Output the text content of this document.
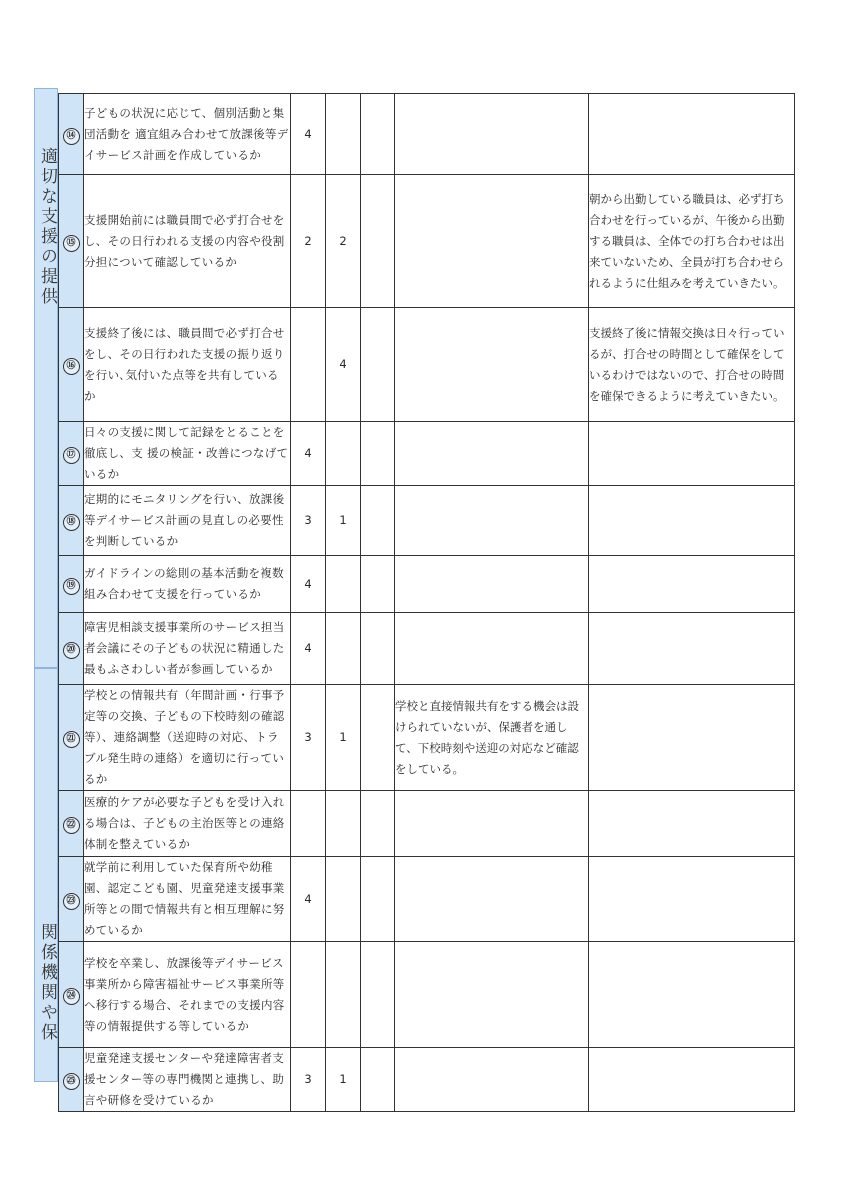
適切な支援の提供
関係機関や保
⑭	子どもの状況に応じて、個別活動と集団活動を 適宜組み合わせて放課後等デイサービス計画を作成しているか	4			

⑮	支援開始前には職員間で必ず打合せをし、その日行われる支援の内容や役割分担について確認しているか	2	2			朝から出勤している職員は、必ず打ち合わせを行っているが、午後から出勤する職員は、全体での打ち合わせは出来ていないため、全員が打ち合わせられるように仕組みを考えていきたい。

⑯	支援終了後には、職員間で必ず打合せをし、その日行われた支援の振り返りを行い､気付いた点等を共有しているか		4			支援終了後に情報交換は日々行っているが、打合せの時間として確保をしているわけではないので、打合せの時間を確保できるように考えていきたい。

⑰	日々の支援に関して記録をとることを徹底し、支 援の検証・改善につなげているか	4			

⑱	定期的にモニタリングを行い、放課後等デイサービス計画の見直しの必要性を判断しているか	3	1		

⑲	ガイドラインの総則の基本活動を複数組み合わせて支援を行っているか	4			

⑳	障害児相談支援事業所のサービス担当者会議にその子どもの状況に精通した最もふさわしい者が参画しているか	4			

㉑	学校との情報共有（年間計画・行事予定等の交換、子どもの下校時刻の確認等）、連絡調整（送迎時の対応、トラブル発生時の連絡）を適切に行っているか	3	1		学校と直接情報共有をする機会は設けられていないが、保護者を通して、下校時刻や送迎の対応など確認をしている。	

㉒	医療的ケアが必要な子どもを受け入れる場合は、子どもの主治医等との連絡体制を整えているか					

㉓	就学前に利用していた保育所や幼稚園、認定こども園、児童発達支援事業所等との間で情報共有と相互理解に努めているか	4			

㉔	学校を卒業し、放課後等デイサービス事業所から障害福祉サービス事業所等へ移行する場合、それまでの支援内容等の情報提供する等しているか					

㉕	児童発達支援センターや発達障害者支援センター等の専門機関と連携し、助言や研修を受けているか	3	1		
